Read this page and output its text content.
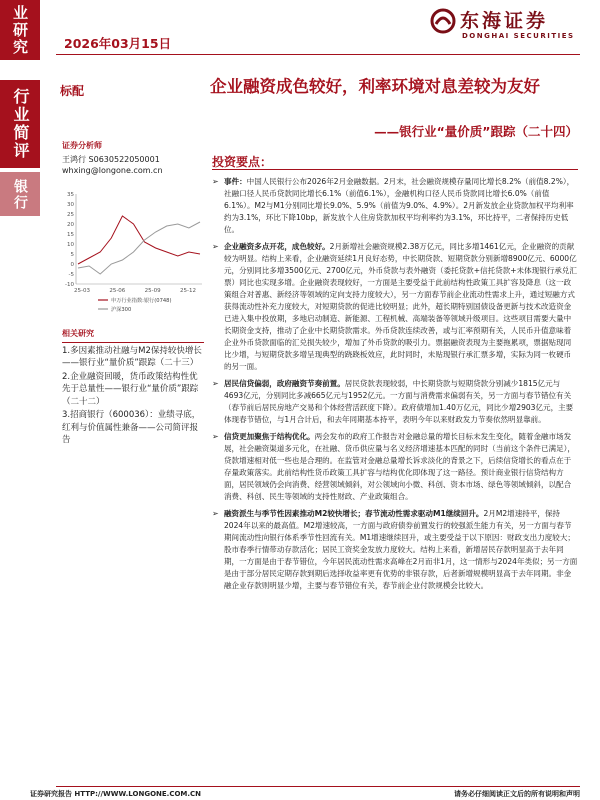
业研究
行业简评
银行
2026年03月15日
东海证券
DONGHAI SECURITIES
标配	企业融资成色较好，利率环境对息差较为友好
——银行业“量价质”跟踪（二十四）
证券分析师
王鸿行 S0630522050001
whxing@longone.com.cn
-10
-5
0
5
10
15
20
25
30
35
25-03	25-06	25-09	25-12
申万行业指数:银行(0748)
沪深300
相关研究

1.多因素推动社融与M2保持较快增长——银行业“量价质”跟踪（二十三）

2.企业融资回暖，货币政策结构性优先于总量性——银行业“量价质”跟踪（二十二）

3.招商银行（600036）：业绩寻底，红利与价值属性兼备——公司简评报告

投资要点：
➢ 事件：中国人民银行公布2026年2月金融数据。2月末，社会融资规模存量同比增长8.2%（前值8.2%），社融口径人民币贷款同比增长6.1%（前值6.1%），金融机构口径人民币贷款同比增长6.0%（前值6.1%）。M2与M1分别同比增长9.0%、5.9%（前值为9.0%、4.9%）。2月新发放企业贷款加权平均利率约为3.1%，环比下降10bp，新发放个人住房贷款加权平均利率约为3.1%，环比持平，二者保持历史低位。
➢ 企业融资多点开花，成色较好。2月新增社会融资规模2.38万亿元，同比多增1461亿元，企业融资的贡献较为明显。结构上来看，企业融资延续1月良好态势，中长期贷款、短期贷款分别新增8900亿元、6000亿元，分别同比多增3500亿元、2700亿元，外币贷款与表外融资（委托贷款+信托贷款+未体现银行承兑汇票）同比也实现多增。企业融资表现较好，一方面是主要受益于此前结构性政策工具扩容及降息（这一政策组合对普惠、新经济等领域的定向支持力度较大），另一方面春节前企业流动性需求上升，通过短融方式获得流动性补充力度较大，对短期贷款的促进比较明显；此外，超长期特别国债设备更新与技术改造资金已进入集中投放期，多地启动制造、新能源、工程机械、高端装备等领域升级项目。这些项目需要大量中长期资金支持，推动了企业中长期贷款需求。外币贷款连续改善，或与汇率预期有关，人民币升值意味着企业外币贷款面临的汇兑损失较少，增加了外币贷款的吸引力。票据融资表现为主要拖累项，票据贴现同比少增，与短期贷款多增呈现典型的跷跷板效应，此时同时，未贴现银行承汇票多增，实际为同一枚硬币的另一面。
➢ 居民信贷偏弱，政府融资节奏前置。居民贷款表现较弱，中长期贷款与短期贷款分别减少1815亿元与4693亿元，分别同比多减665亿元与1952亿元。一方面与消费需求偏弱有关，另一方面与春节错位有关（春节前后居民房地产交易和个体经营活跃度下降）。政府债增加1.40万亿元，同比少增2903亿元，主要体现春节错位，与1月合计后，和去年同期基本持平，表明今年以来财政发力节奏依然明显靠前。
➢ 信贷更加聚焦于结构优化。两会发布的政府工作报告对金融总量的增长目标未发生变化，随着金融市场发展，社会融资渠道多元化，在社融、货币供应量与名义经济增速基本匹配的同时（当前这个条件已满足），贷款增速相对低一些也是合理的。在监管对金融总量增长诉求淡化的背景之下，后续信贷增长的看点在于存量政策落实。此前结构性货币政策工具扩容与结构优化即体现了这一路径。预计商业银行信贷结构方面，居民领域仍会向消费、经营领域倾斜，对公领域向小微、科创、资本市场、绿色等领域倾斜，以配合消费、科创、民生等领域的支持性财政、产业政策组合。
➢ 融资派生与季节性因素推动M2较快增长；春节流动性需求驱动M1继续回升。2月M2增速持平，保持2024年以来的最高值。M2增速较高，一方面与政府债券前置发行的较强派生能力有关，另一方面与春节期间流动性向银行体系季节性回流有关。M1增速继续回升，或主要受益于以下原因：财政支出力度较大；股市春季行情带动存款活化；居民工资奖金发放力度较大。结构上来看，新增居民存款明显高于去年同期，一方面是由于春节错位，今年居民流动性需求高峰在2月而非1月，这一情形与2024年类似；另一方面是由于部分居民定期存款到期后选择收益率更有优势的非银存款，后者新增规模明显高于去年同期。非金融企业存款则明显少增，主要与春节错位有关，春节前企业付款规模会比较大。
证券研究报告 HTTP://WWW.LONGONE.COM.CN	请务必仔细阅读正文后的所有说明和声明
